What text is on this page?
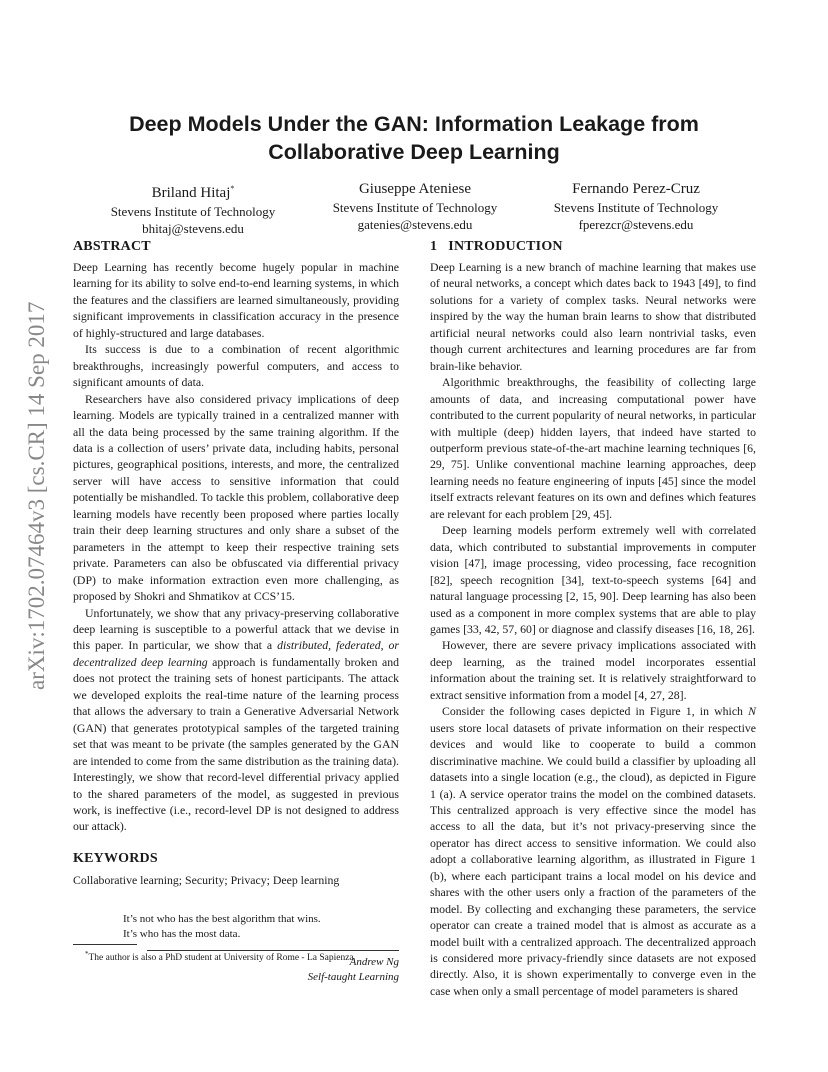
Deep Models Under the GAN: Information Leakage from
Collaborative Deep Learning
Briland Hitaj*
Stevens Institute of Technology
bhitaj@stevens.edu
Giuseppe Ateniese
Stevens Institute of Technology
gatenies@stevens.edu
Fernando Perez-Cruz
Stevens Institute of Technology
fperezcr@stevens.edu
arXiv:1702.07464v3 [cs.CR] 14 Sep 2017
ABSTRACT

Deep Learning has recently become hugely popular in machine learning for its ability to solve end-to-end learning systems, in which the features and the classifiers are learned simultaneously, providing significant improvements in classification accuracy in the presence of highly-structured and large databases.

Its success is due to a combination of recent algorithmic breakthroughs, increasingly powerful computers, and access to significant amounts of data.

Researchers have also considered privacy implications of deep learning. Models are typically trained in a centralized manner with all the data being processed by the same training algorithm. If the data is a collection of users’ private data, including habits, personal pictures, geographical positions, interests, and more, the centralized server will have access to sensitive information that could potentially be mishandled. To tackle this problem, collaborative deep learning models have recently been proposed where parties locally train their deep learning structures and only share a subset of the parameters in the attempt to keep their respective training sets private. Parameters can also be obfuscated via differential privacy (DP) to make information extraction even more challenging, as proposed by Shokri and Shmatikov at CCS’15.

Unfortunately, we show that any privacy-preserving collaborative deep learning is susceptible to a powerful attack that we devise in this paper. In particular, we show that a distributed, federated, or decentralized deep learning approach is fundamentally broken and does not protect the training sets of honest participants. The attack we developed exploits the real-time nature of the learning process that allows the adversary to train a Generative Adversarial Network (GAN) that generates prototypical samples of the targeted training set that was meant to be private (the samples generated by the GAN are intended to come from the same distribution as the training data). Interestingly, we show that record-level differential privacy applied to the shared parameters of the model, as suggested in previous work, is ineffective (i.e., record-level DP is not designed to address our attack).

KEYWORDS

Collaborative learning; Security; Privacy; Deep learning

It’s not who has the best algorithm that wins.
It’s who has the most data.
Andrew Ng
Self-taught Learning
*The author is also a PhD student at University of Rome - La Sapienza
1   INTRODUCTION

Deep Learning is a new branch of machine learning that makes use of neural networks, a concept which dates back to 1943 [49], to find solutions for a variety of complex tasks. Neural networks were inspired by the way the human brain learns to show that distributed artificial neural networks could also learn nontrivial tasks, even though current architectures and learning procedures are far from brain-like behavior.

Algorithmic breakthroughs, the feasibility of collecting large amounts of data, and increasing computational power have contributed to the current popularity of neural networks, in particular with multiple (deep) hidden layers, that indeed have started to outperform previous state-of-the-art machine learning techniques [6, 29, 75]. Unlike conventional machine learning approaches, deep learning needs no feature engineering of inputs [45] since the model itself extracts relevant features on its own and defines which features are relevant for each problem [29, 45].

Deep learning models perform extremely well with correlated data, which contributed to substantial improvements in computer vision [47], image processing, video processing, face recognition [82], speech recognition [34], text-to-speech systems [64] and natural language processing [2, 15, 90]. Deep learning has also been used as a component in more complex systems that are able to play games [33, 42, 57, 60] or diagnose and classify diseases [16, 18, 26].

However, there are severe privacy implications associated with deep learning, as the trained model incorporates essential information about the training set. It is relatively straightforward to extract sensitive information from a model [4, 27, 28].

Consider the following cases depicted in Figure 1, in which N users store local datasets of private information on their respective devices and would like to cooperate to build a common discriminative machine. We could build a classifier by uploading all datasets into a single location (e.g., the cloud), as depicted in Figure 1 (a). A service operator trains the model on the combined datasets. This centralized approach is very effective since the model has access to all the data, but it’s not privacy-preserving since the operator has direct access to sensitive information. We could also adopt a collaborative learning algorithm, as illustrated in Figure 1 (b), where each participant trains a local model on his device and shares with the other users only a fraction of the parameters of the model. By collecting and exchanging these parameters, the service operator can create a trained model that is almost as accurate as a model built with a centralized approach. The decentralized approach is considered more privacy-friendly since datasets are not exposed directly. Also, it is shown experimentally to converge even in the case when only a small percentage of model parameters is shared
